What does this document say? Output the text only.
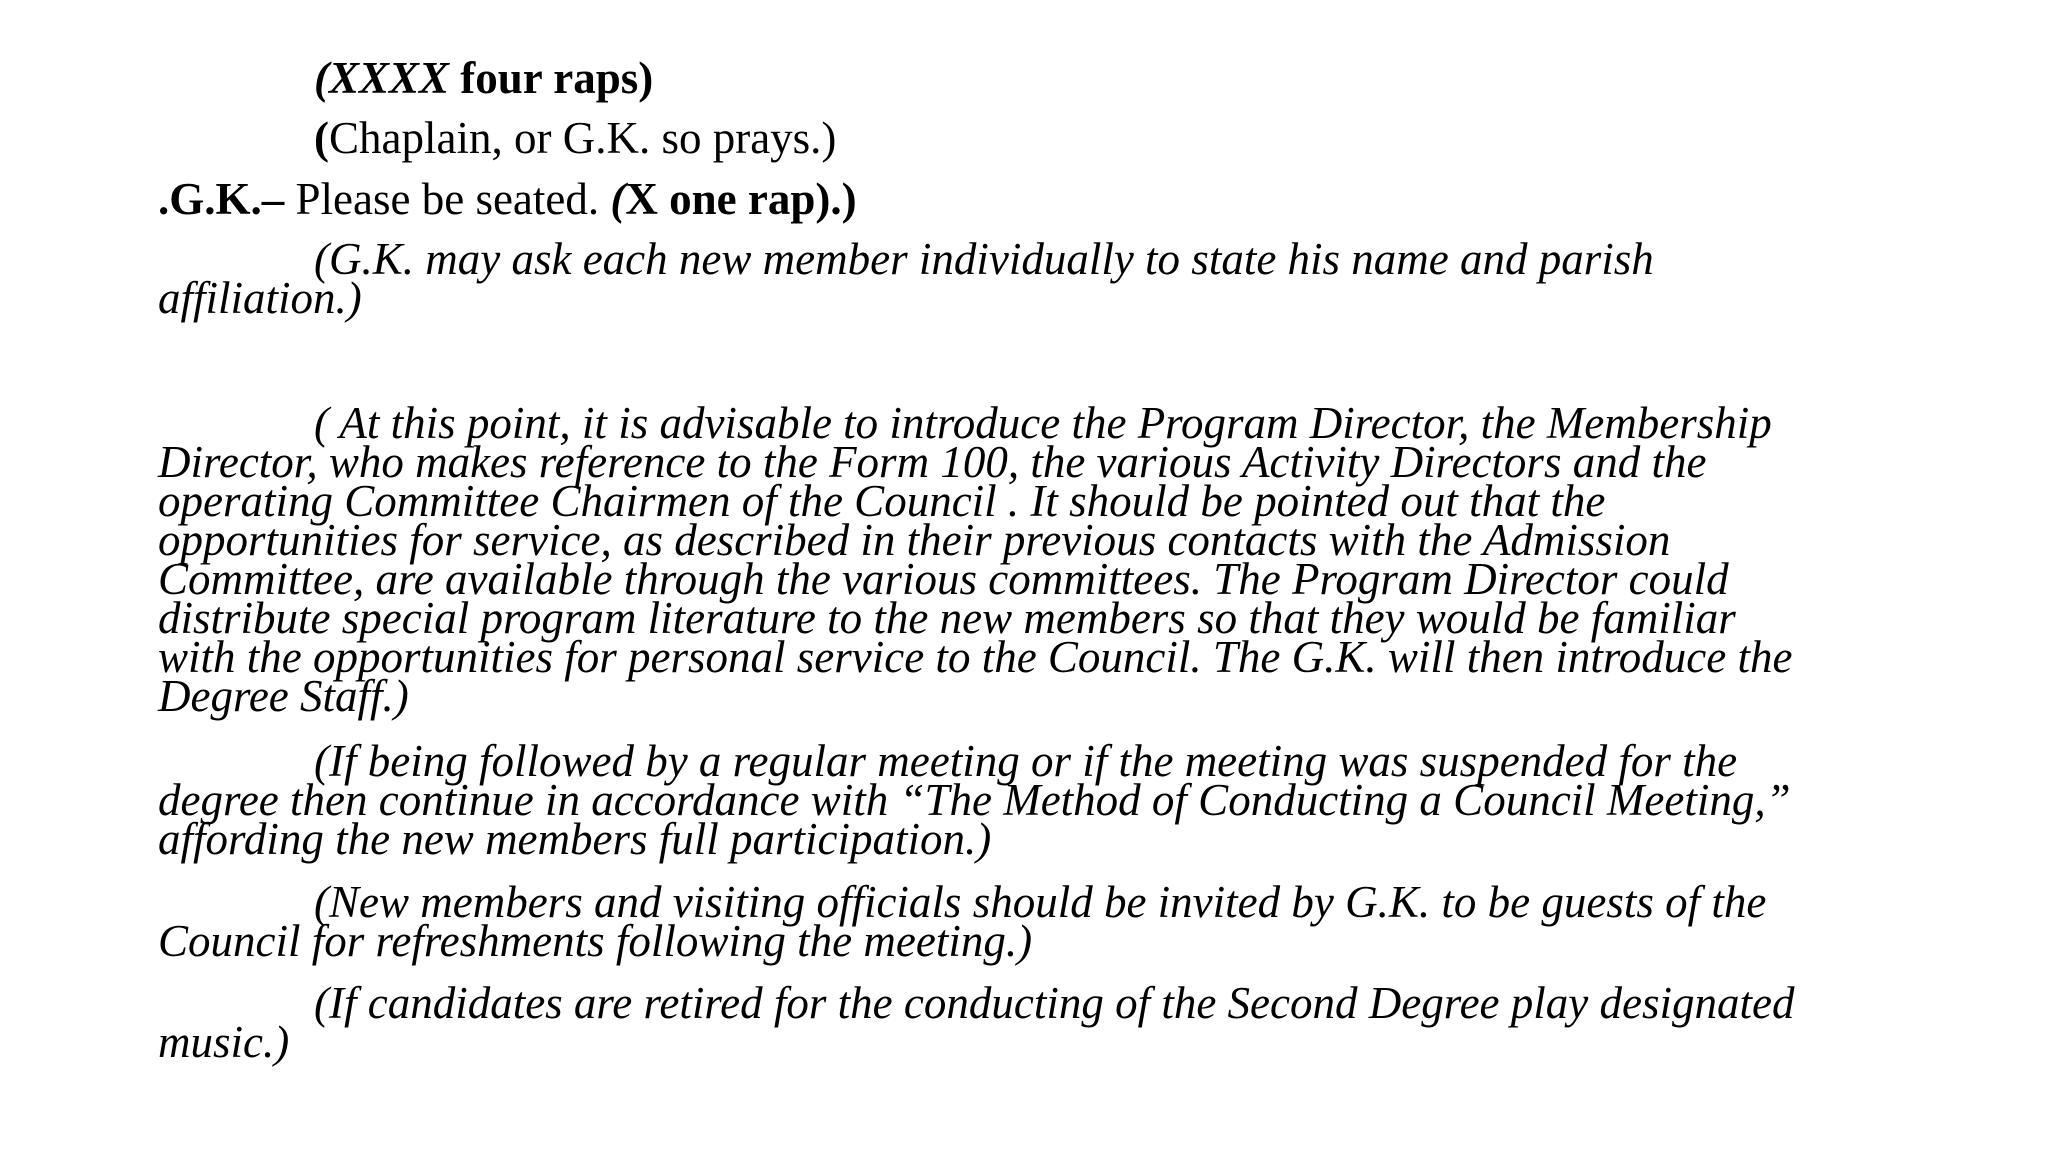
(XXXX four raps)
(Chaplain, or G.K. so prays.)
.G.K.– Please be seated. (X one rap).)
(G.K. may ask each new member individually to state his name and parish
affiliation.)
( At this point, it is advisable to introduce the Program Director, the Membership
Director, who makes reference to the Form 100, the various Activity Directors and the
operating Committee Chairmen of the Council . It should be pointed out that the
opportunities for service, as described in their previous contacts with the Admission
Committee, are available through the various committees. The Program Director could
distribute special program literature to the new members so that they would be familiar
with the opportunities for personal service to the Council. The G.K. will then introduce the
Degree Staff.)
(If being followed by a regular meeting or if the meeting was suspended for the
degree then continue in accordance with “The Method of Conducting a Council Meeting,”
affording the new members full participation.)
(New members and visiting officials should be invited by G.K. to be guests of the
Council for refreshments following the meeting.)
(If candidates are retired for the conducting of the Second Degree play designated
music.)
